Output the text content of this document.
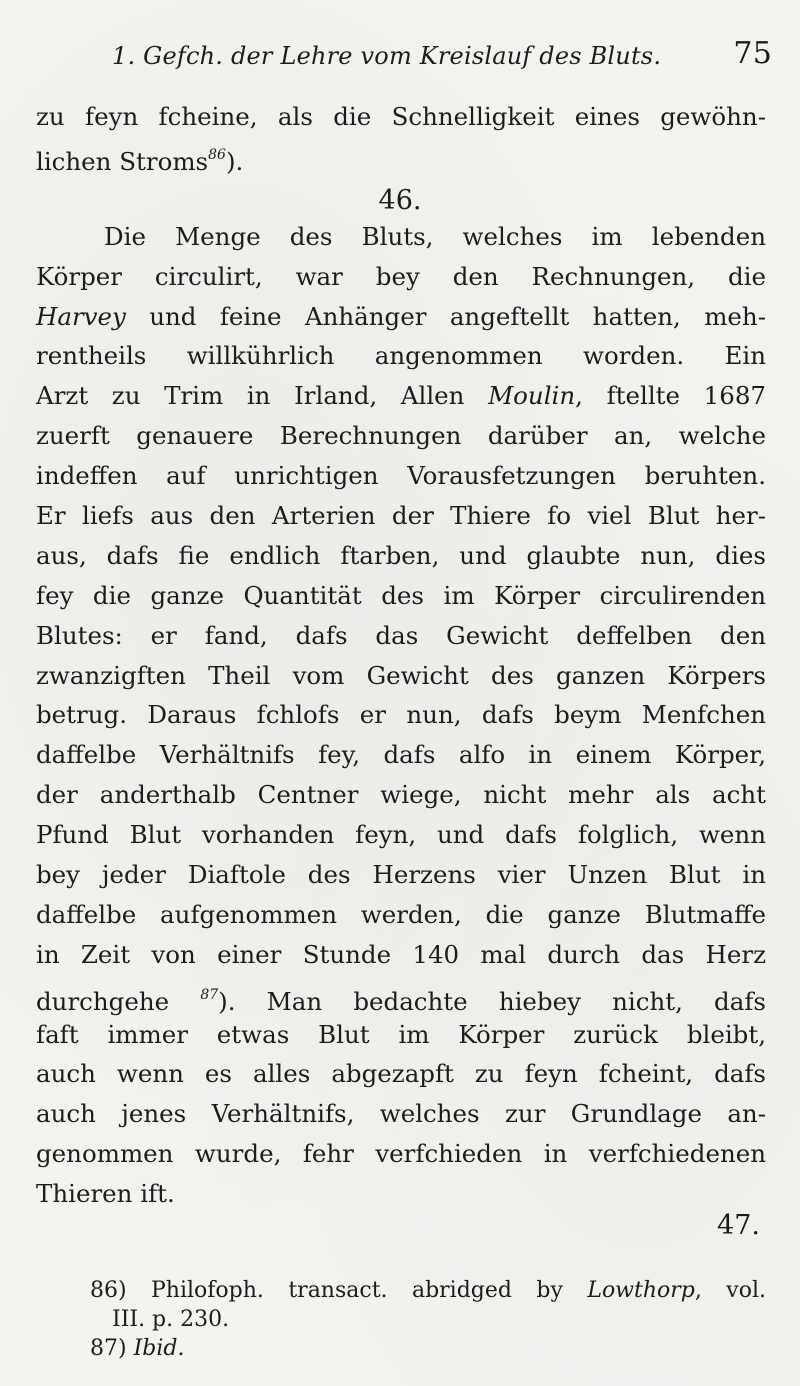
1. Gefch. der Lehre vom Kreislauf des Bluts. 75
zu feyn fcheine, als die Schnelligkeit eines gewöhn-
lichen Stroms$^{86}$).
46.
Die Menge des Bluts, welches im lebenden
Körper circulirt, war bey den Rechnungen, die
Harvey und feine Anhänger angeftellt hatten, meh-
rentheils willkührlich angenommen worden. Ein
Arzt zu Trim in Irland, Allen Moulin, ftellte 1687
zuerft genauere Berechnungen darüber an, welche
indeffen auf unrichtigen Vorausfetzungen beruhten.
Er liefs aus den Arterien der Thiere fo viel Blut her-
aus, dafs fie endlich ftarben, und glaubte nun, dies
fey die ganze Quantität des im Körper circulirenden
Blutes: er fand, dafs das Gewicht deffelben den
zwanzigften Theil vom Gewicht des ganzen Körpers
betrug. Daraus fchlofs er nun, dafs beym Menfchen
daffelbe Verhältnifs fey, dafs alfo in einem Körper,
der anderthalb Centner wiege, nicht mehr als acht
Pfund Blut vorhanden feyn, und dafs folglich, wenn
bey jeder Diaftole des Herzens vier Unzen Blut in
daffelbe aufgenommen werden, die ganze Blutmaffe
in Zeit von einer Stunde 140 mal durch das Herz
durchgehe $^{87}$). Man bedachte hiebey nicht, dafs
faft immer etwas Blut im Körper zurück bleibt,
auch wenn es alles abgezapft zu feyn fcheint, dafs
auch jenes Verhältnifs, welches zur Grundlage an-
genommen wurde, fehr verfchieden in verfchiedenen
Thieren ift.
47.
86) Philofoph. transact. abridged by Lowthorp, vol.
III. p. 230.
87) Ibid.
